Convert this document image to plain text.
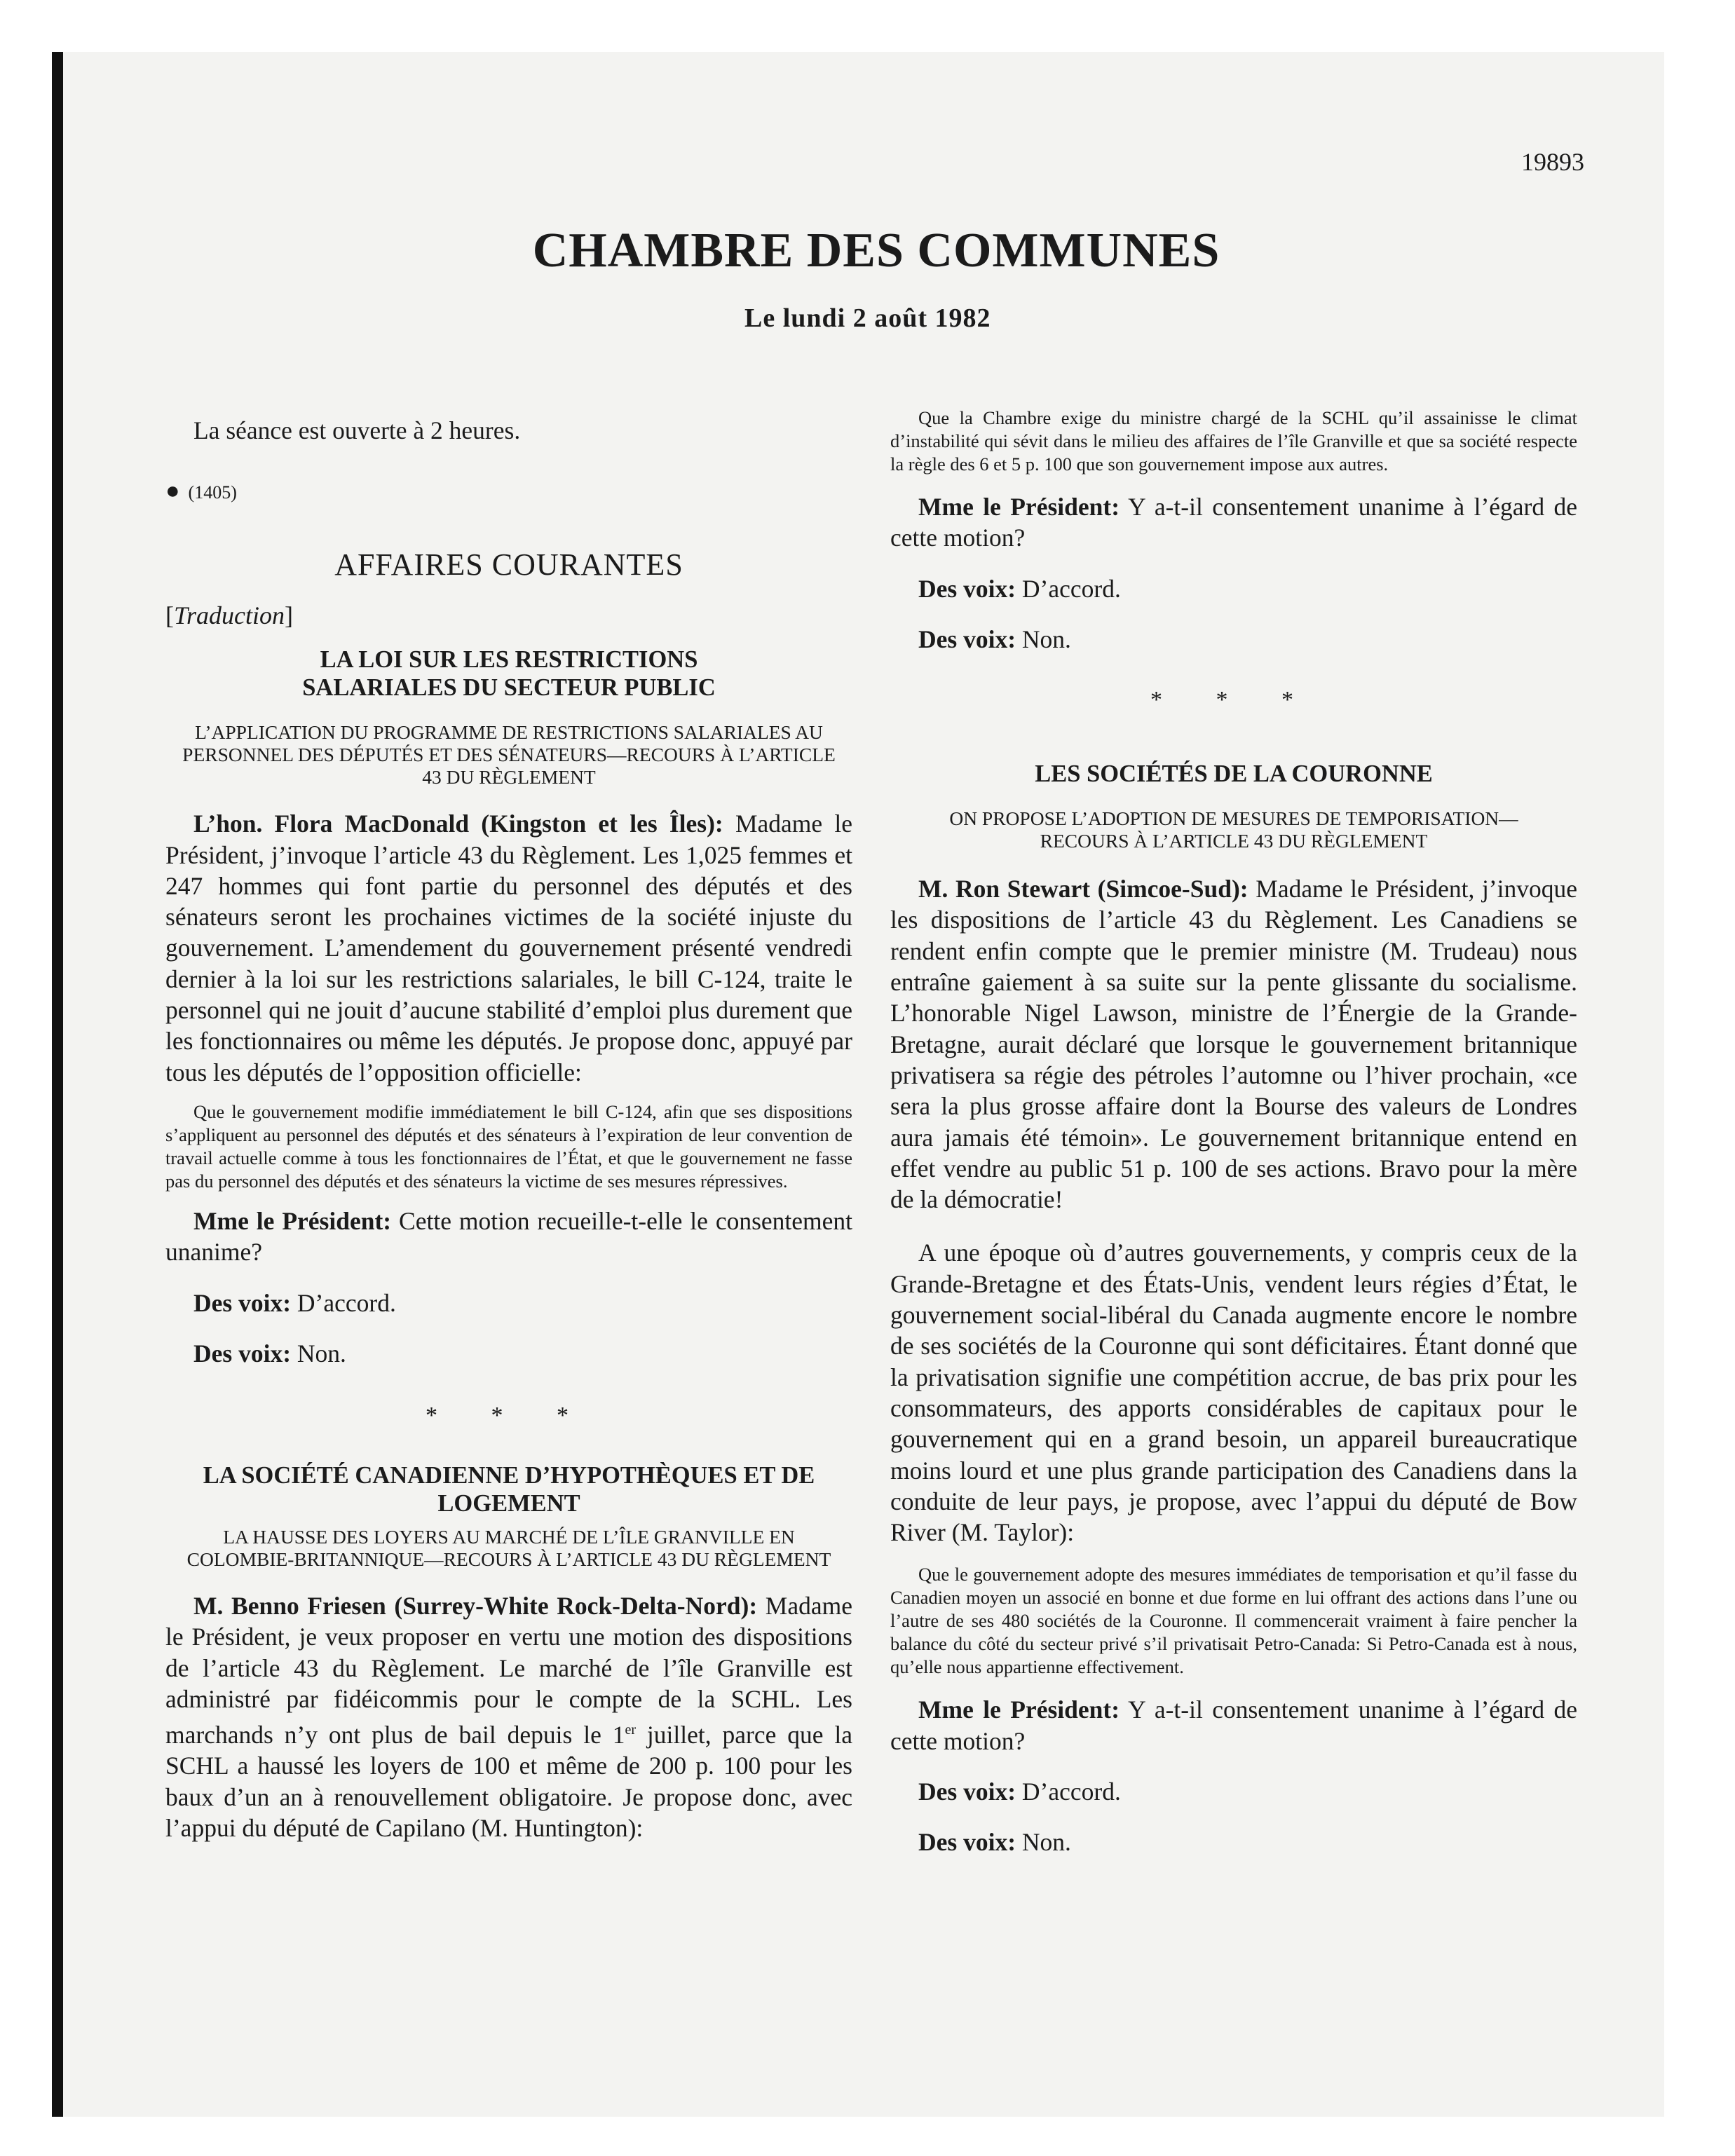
19893
CHAMBRE DES COMMUNES
Le lundi 2 août 1982

La séance est ouverte à 2 heures.

● (1405)

AFFAIRES COURANTES

[Traduction]

LA LOI SUR LES RESTRICTIONS SALARIALES DU SECTEUR PUBLIC
L’APPLICATION DU PROGRAMME DE RESTRICTIONS SALARIALES AU PERSONNEL DES DÉPUTÉS ET DES SÉNATEURS—RECOURS À L’ARTICLE 43 DU RÈGLEMENT

L’hon. Flora MacDonald (Kingston et les Îles): Madame le Président, j’invoque l’article 43 du Règlement. Les 1,025 femmes et 247 hommes qui font partie du personnel des députés et des sénateurs seront les prochaines victimes de la société injuste du gouvernement. L’amendement du gouvernement présenté vendredi dernier à la loi sur les restrictions salariales, le bill C-124, traite le personnel qui ne jouit d’aucune stabilité d’emploi plus durement que les fonctionnaires ou même les députés. Je propose donc, appuyé par tous les députés de l’opposition officielle:

Que le gouvernement modifie immédiatement le bill C-124, afin que ses dispositions s’appliquent au personnel des députés et des sénateurs à l’expiration de leur convention de travail actuelle comme à tous les fonctionnaires de l’État, et que le gouvernement ne fasse pas du personnel des députés et des sénateurs la victime de ses mesures répressives.

Mme le Président: Cette motion recueille-t-elle le consentement unanime?

Des voix: D’accord.

Des voix: Non.

* * *

LA SOCIÉTÉ CANADIENNE D’HYPOTHÈQUES ET DE LOGEMENT
LA HAUSSE DES LOYERS AU MARCHÉ DE L’ÎLE GRANVILLE EN COLOMBIE-BRITANNIQUE—RECOURS À L’ARTICLE 43 DU RÈGLEMENT

M. Benno Friesen (Surrey-White Rock-Delta-Nord): Madame le Président, je veux proposer en vertu une motion des dispositions de l’article 43 du Règlement. Le marché de l’île Granville est administré par fidéicommis pour le compte de la SCHL. Les marchands n’y ont plus de bail depuis le 1er juillet, parce que la SCHL a haussé les loyers de 100 et même de 200 p. 100 pour les baux d’un an à renouvellement obligatoire. Je propose donc, avec l’appui du député de Capilano (M. Huntington):

Que la Chambre exige du ministre chargé de la SCHL qu’il assainisse le climat d’instabilité qui sévit dans le milieu des affaires de l’île Granville et que sa société respecte la règle des 6 et 5 p. 100 que son gouvernement impose aux autres.

Mme le Président: Y a-t-il consentement unanime à l’égard de cette motion?

Des voix: D’accord.

Des voix: Non.

* * *

LES SOCIÉTÉS DE LA COURONNE
ON PROPOSE L’ADOPTION DE MESURES DE TEMPORISATION—RECOURS À L’ARTICLE 43 DU RÈGLEMENT

M. Ron Stewart (Simcoe-Sud): Madame le Président, j’invoque les dispositions de l’article 43 du Règlement. Les Canadiens se rendent enfin compte que le premier ministre (M. Trudeau) nous entraîne gaiement à sa suite sur la pente glissante du socialisme. L’honorable Nigel Lawson, ministre de l’Énergie de la Grande-Bretagne, aurait déclaré que lorsque le gouvernement britannique privatisera sa régie des pétroles l’automne ou l’hiver prochain, «ce sera la plus grosse affaire dont la Bourse des valeurs de Londres aura jamais été témoin». Le gouvernement britannique entend en effet vendre au public 51 p. 100 de ses actions. Bravo pour la mère de la démocratie!

A une époque où d’autres gouvernements, y compris ceux de la Grande-Bretagne et des États-Unis, vendent leurs régies d’État, le gouvernement social-libéral du Canada augmente encore le nombre de ses sociétés de la Couronne qui sont déficitaires. Étant donné que la privatisation signifie une compétition accrue, de bas prix pour les consommateurs, des apports considérables de capitaux pour le gouvernement qui en a grand besoin, un appareil bureaucratique moins lourd et une plus grande participation des Canadiens dans la conduite de leur pays, je propose, avec l’appui du député de Bow River (M. Taylor):

Que le gouvernement adopte des mesures immédiates de temporisation et qu’il fasse du Canadien moyen un associé en bonne et due forme en lui offrant des actions dans l’une ou l’autre de ses 480 sociétés de la Couronne. Il commencerait vraiment à faire pencher la balance du côté du secteur privé s’il privatisait Petro-Canada: Si Petro-Canada est à nous, qu’elle nous appartienne effectivement.

Mme le Président: Y a-t-il consentement unanime à l’égard de cette motion?

Des voix: D’accord.

Des voix: Non.
